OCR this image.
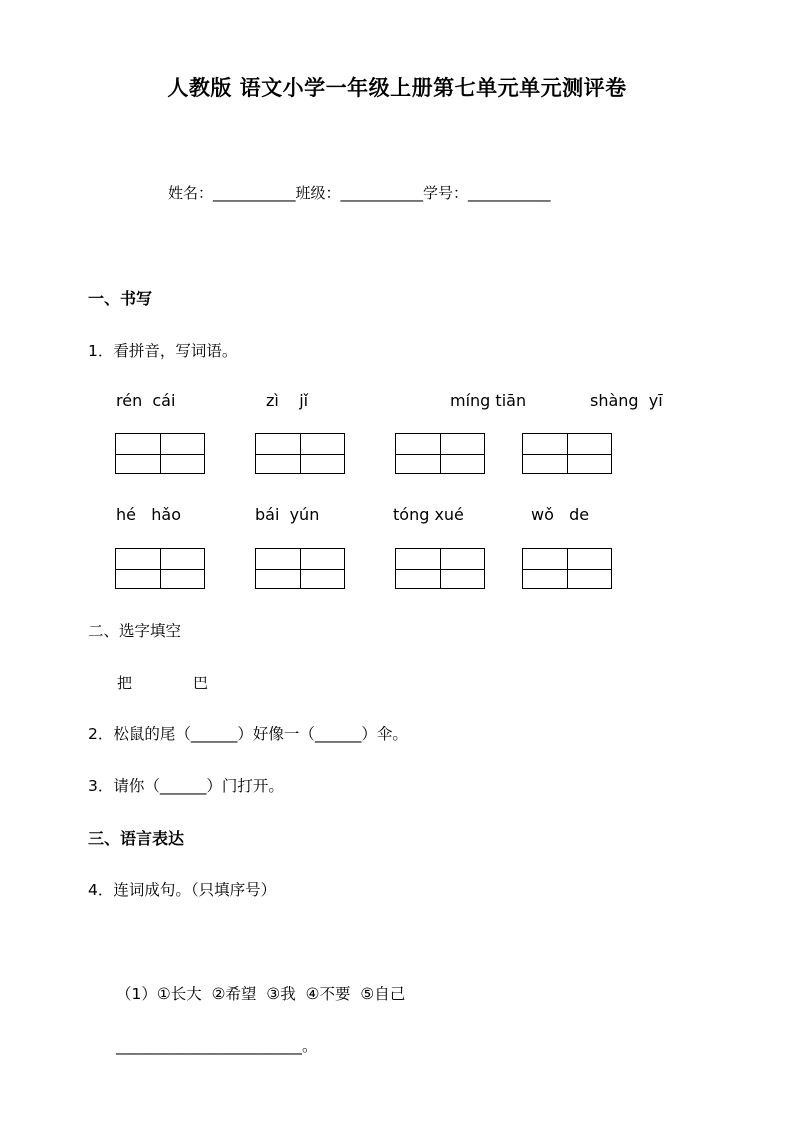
人教版 语文小学一年级上册第七单元单元测评卷
姓名：___________班级：___________学号：___________
一、书写
1．看拼音，写词语。
rén  cái	zì    jǐ	míng tiān	shàng  yī
hé   hǎo	bái  yún	tóng xué	wǒ   de
二、选字填空
把	巴
2．松鼠的尾（______）好像一（______）伞。
3．请你（______）门打开。
三、语言表达
4．连词成句。（只填序号）
（1）①长大  ②希望  ③我  ④不要  ⑤自己
________________________。
